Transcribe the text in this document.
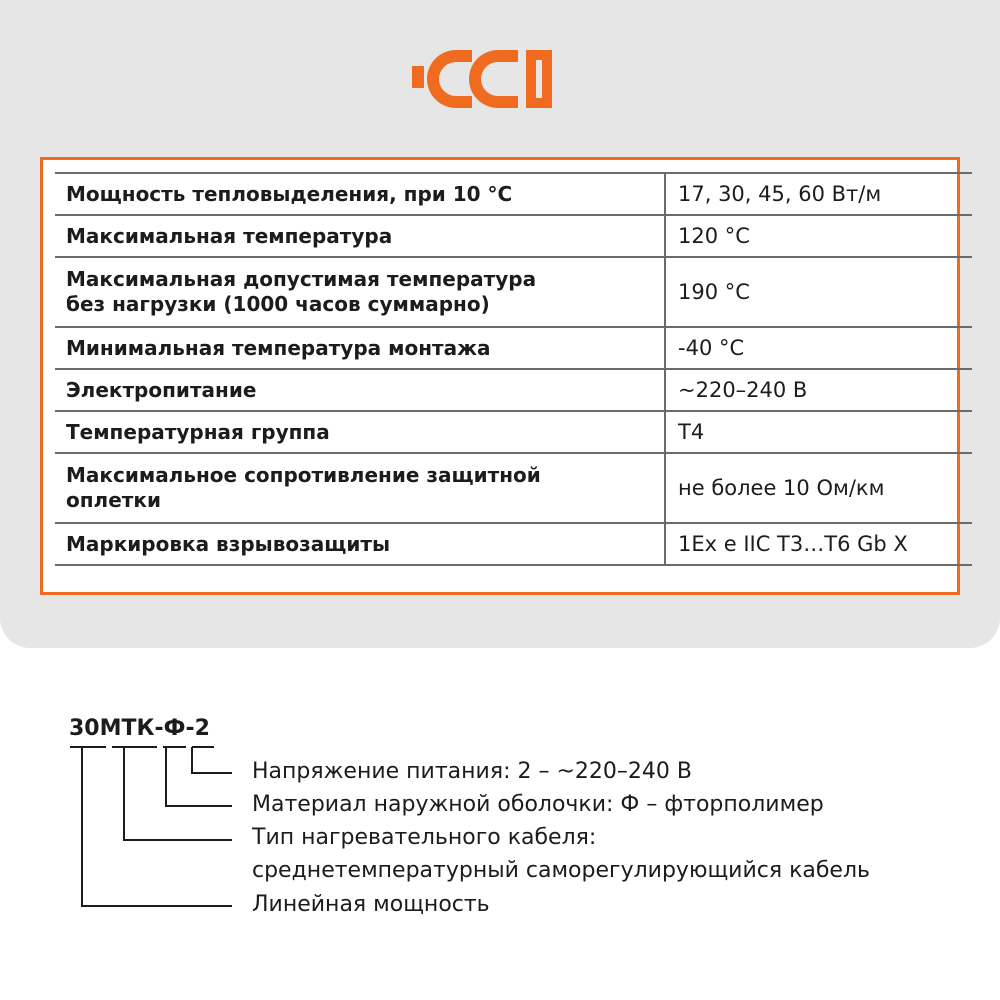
Мощность тепловыделения, при 10 °C	17, 30, 45, 60 Вт/м
Максимальная температура	120 °C
Максимальная допустимая температура
без нагрузки (1000 часов суммарно)	190 °C
Минимальная температура монтажа	-40 °C
Электропитание	~220–240 В
Температурная группа	Т4
Максимальное сопротивление защитной
оплетки	не более 10 Ом/км
Маркировка взрывозащиты	1Ex e IIC T3…T6 Gb X
30МТК-Ф-2
Напряжение питания: 2 – ~220–240 В
Материал наружной оболочки: Ф – фторполимер
Тип нагревательного кабеля:
среднетемпературный саморегулирующийся кабель
Линейная мощность
